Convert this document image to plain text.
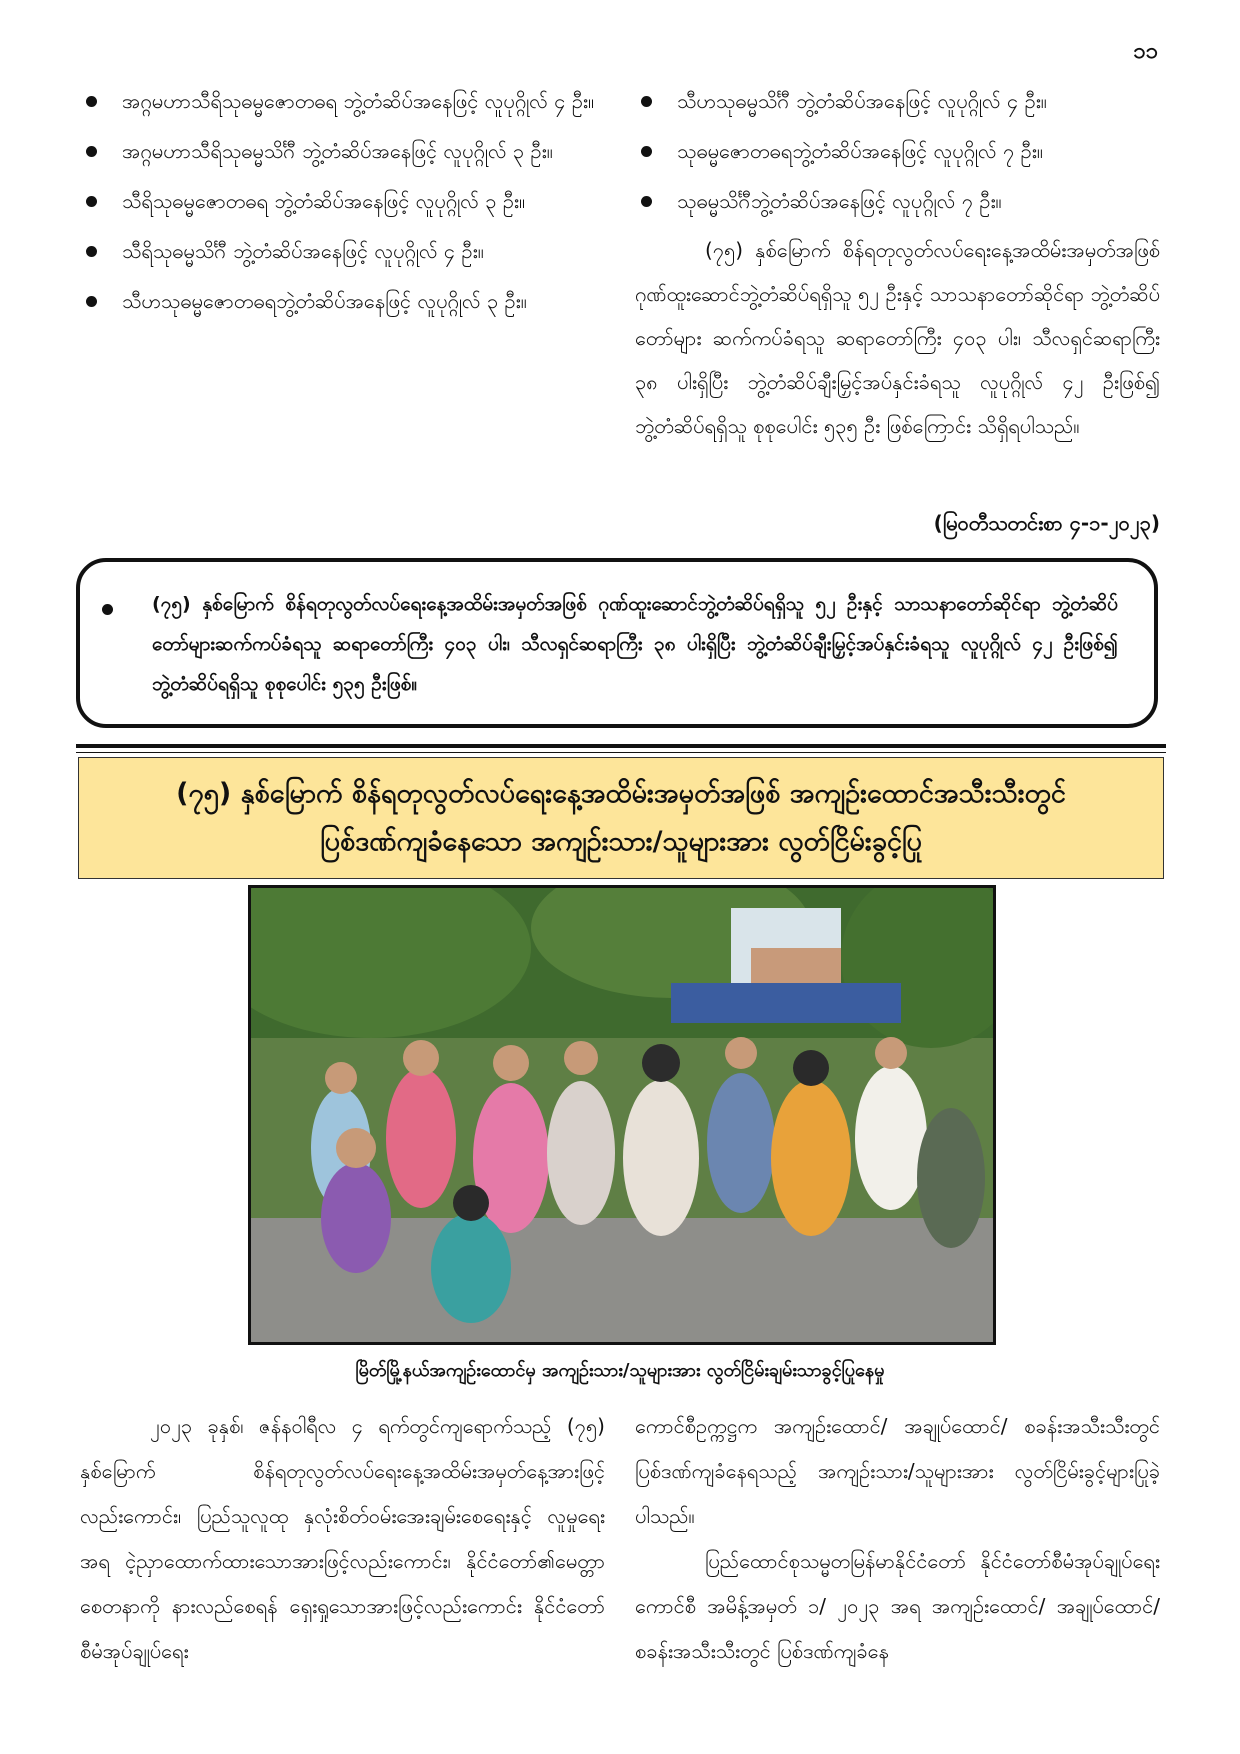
၁၁
အဂ္ဂမဟာသီရိသုဓမ္မဇောတဓရ ဘွဲ့တံဆိပ်အနေဖြင့် လူပုဂ္ဂိုလ် ၄ ဦး။
အဂ္ဂမဟာသီရိသုဓမ္မသိင်္ဂီ ဘွဲ့တံဆိပ်အနေဖြင့် လူပုဂ္ဂိုလ် ၃ ဦး။
သီရိသုဓမ္မဇောတဓရ ဘွဲ့တံဆိပ်အနေဖြင့် လူပုဂ္ဂိုလ် ၃ ဦး။
သီရိသုဓမ္မသိင်္ဂီ ဘွဲ့တံဆိပ်အနေဖြင့် လူပုဂ္ဂိုလ် ၄ ဦး။
သီဟသုဓမ္မဇောတဓရဘွဲ့တံဆိပ်အနေဖြင့် လူပုဂ္ဂိုလ် ၃ ဦး။
သီဟသုဓမ္မသိင်္ဂီ ဘွဲ့တံဆိပ်အနေဖြင့် လူပုဂ္ဂိုလ် ၄ ဦး။
သုဓမ္မဇောတဓရဘွဲ့တံဆိပ်အနေဖြင့် လူပုဂ္ဂိုလ် ၇ ဦး။
သုဓမ္မသိင်္ဂီဘွဲ့တံဆိပ်အနေဖြင့် လူပုဂ္ဂိုလ် ၇ ဦး။

(၇၅) နှစ်မြောက် စိန်ရတုလွတ်လပ်ရေးနေ့အထိမ်းအမှတ်အဖြစ် ဂုဏ်ထူးဆောင်ဘွဲ့တံဆိပ်ရရှိသူ ၅၂ ဦးနှင့် သာသနာတော်ဆိုင်ရာ ဘွဲ့တံဆိပ်တော်များ ဆက်ကပ်ခံရသူ ဆရာတော်ကြီး ၄၀၃ ပါး၊ သီလရှင်ဆရာကြီး ၃၈ ပါးရှိပြီး ဘွဲ့တံဆိပ်ချီးမြှင့်အပ်နှင်းခံရသူ လူပုဂ္ဂိုလ် ၄၂ ဦးဖြစ်၍ ဘွဲ့တံဆိပ်ရရှိသူ စုစုပေါင်း ၅၃၅ ဦး ဖြစ်ကြောင်း သိရှိရပါသည်။

(မြဝတီသတင်းစာ ၄-၁-၂၀၂၃)

(၇၅) နှစ်မြောက် စိန်ရတုလွတ်လပ်ရေးနေ့အထိမ်းအမှတ်အဖြစ် ဂုဏ်ထူးဆောင်ဘွဲ့တံဆိပ်ရရှိသူ ၅၂ ဦးနှင့် သာသနာတော်ဆိုင်ရာ ဘွဲ့တံဆိပ်တော်များဆက်ကပ်ခံရသူ ဆရာတော်ကြီး ၄၀၃ ပါး၊ သီလရှင်ဆရာကြီး ၃၈ ပါးရှိပြီး ဘွဲ့တံဆိပ်ချီးမြှင့်အပ်နှင်းခံရသူ လူပုဂ္ဂိုလ် ၄၂ ဦးဖြစ်၍ ဘွဲ့တံဆိပ်ရရှိသူ စုစုပေါင်း ၅၃၅ ဦးဖြစ်။

(၇၅) နှစ်မြောက် စိန်ရတုလွတ်လပ်ရေးနေ့အထိမ်းအမှတ်အဖြစ် အကျဉ်းထောင်အသီးသီးတွင်
ပြစ်ဒဏ်ကျခံနေသော အကျဉ်းသား/သူများအား လွတ်ငြိမ်းခွင့်ပြု
မြိတ်မြို့နယ်အကျဉ်းထောင်မှ အကျဉ်းသား/သူများအား လွတ်ငြိမ်းချမ်းသာခွင့်ပြုနေမှု

၂၀၂၃ ခုနှစ်၊ ဇန်နဝါရီလ ၄ ရက်တွင်ကျရောက်သည့် (၇၅) နှစ်မြောက် စိန်ရတုလွတ်လပ်ရေးနေ့အထိမ်းအမှတ်နေ့အားဖြင့်လည်းကောင်း၊ ပြည်သူလူထု နှလုံးစိတ်ဝမ်းအေးချမ်းစေရေးနှင့် လူမှုရေးအရ ငဲ့ညှာထောက်ထားသောအားဖြင့်လည်းကောင်း၊ နိုင်ငံတော်၏မေတ္တာစေတနာကို နားလည်စေရန် ရှေးရှုသောအားဖြင့်လည်းကောင်း နိုင်ငံတော်စီမံအုပ်ချုပ်ရေး

ကောင်စီဥက္ကဋ္ဌက အကျဉ်းထောင်/ အချုပ်ထောင်/ စခန်းအသီးသီးတွင် ပြစ်ဒဏ်ကျခံနေရသည့် အကျဉ်းသား/သူများအား လွတ်ငြိမ်းခွင့်များပြုခဲ့ပါသည်။

ပြည်ထောင်စုသမ္မတမြန်မာနိုင်ငံတော် နိုင်ငံတော်စီမံအုပ်ချုပ်ရေးကောင်စီ အမိန့်အမှတ် ၁/ ၂၀၂၃ အရ အကျဉ်းထောင်/ အချုပ်ထောင်/ စခန်းအသီးသီးတွင် ပြစ်ဒဏ်ကျခံနေ
